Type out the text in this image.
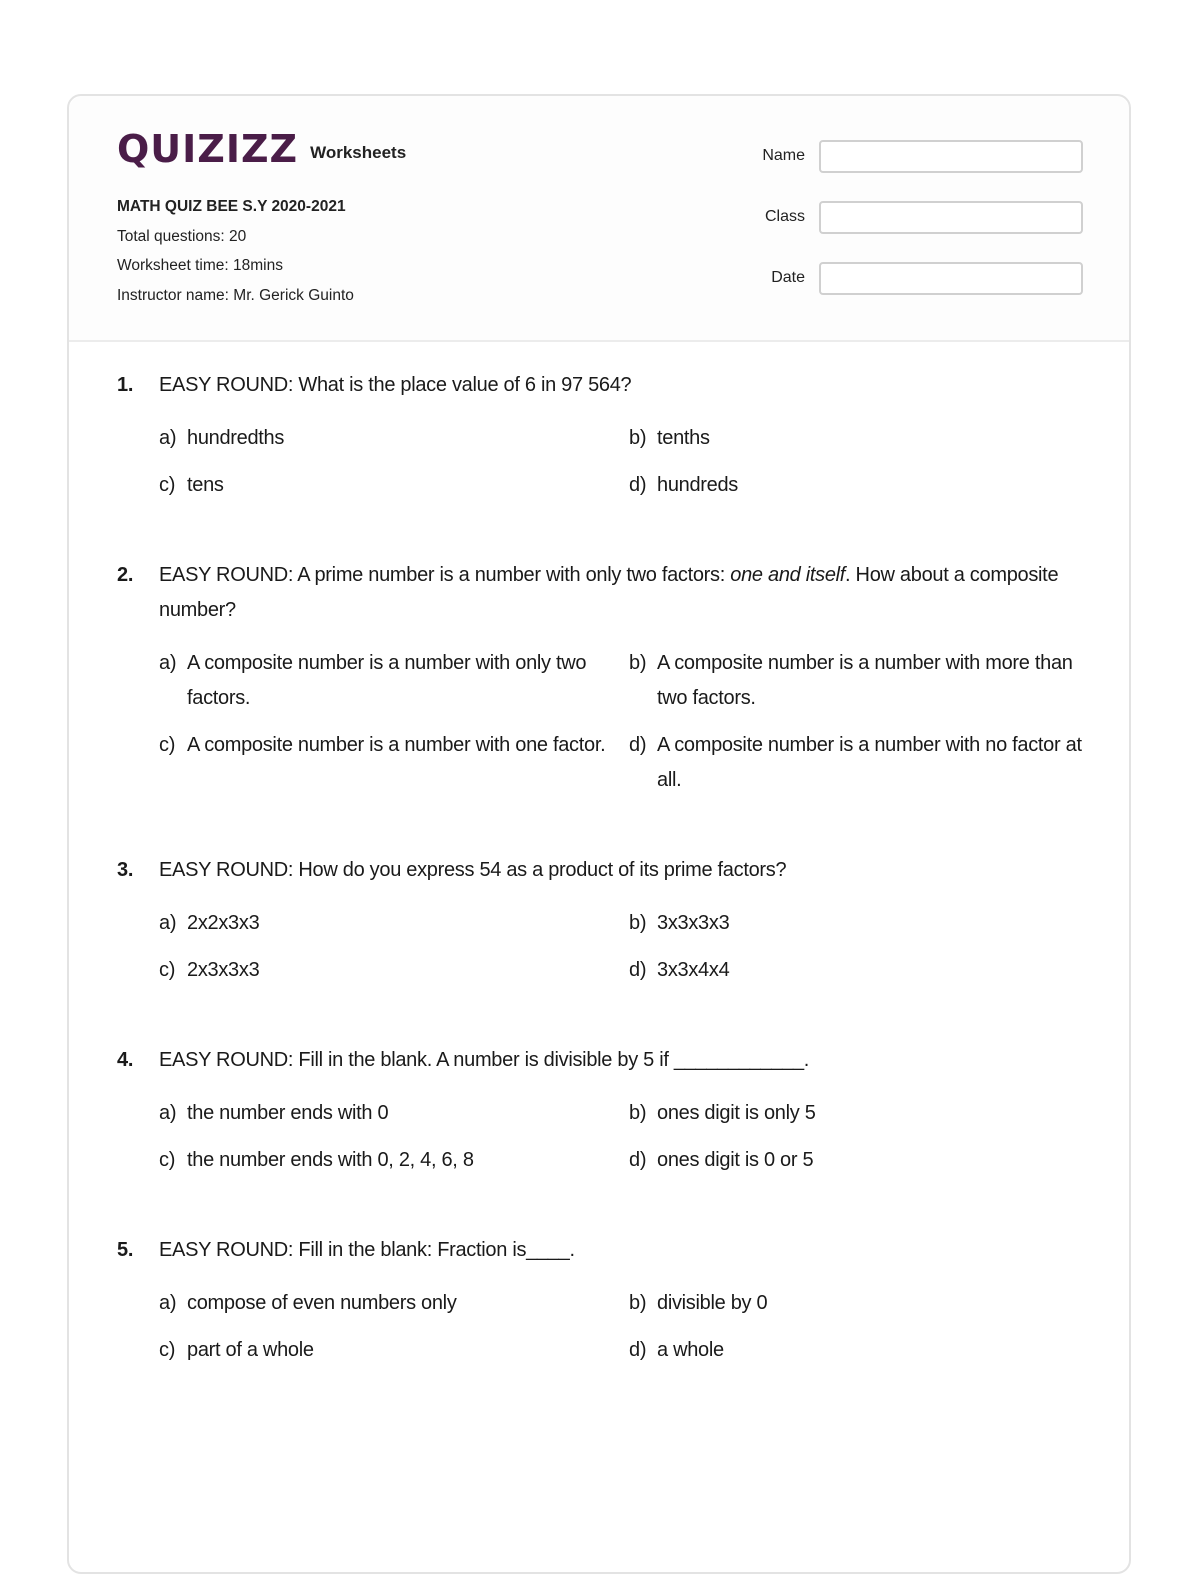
QUIZIZZ Worksheets
MATH QUIZ BEE S.Y 2020-2021
Total questions: 20
Worksheet time: 18mins
Instructor name: Mr. Gerick Guinto
Name
Class
Date
1.	EASY ROUND: What is the place value of 6 in 97 564?
a) hundredths	b) tenths
c) tens	d) hundreds
2.	EASY ROUND: A prime number is a number with only two factors: one and itself. How about a composite number?
a) A composite number is a number with only two factors.
b) A composite number is a number with more than two factors.
c) A composite number is a number with one factor.	d) A composite number is a number with no factor at all.
3.	EASY ROUND: How do you express 54 as a product of its prime factors?
a) 2x2x3x3	b) 3x3x3x3
c) 2x3x3x3	d) 3x3x4x4
4.	EASY ROUND: Fill in the blank. A number is divisible by 5 if ____________.
a) the number ends with 0	b) ones digit is only 5
c) the number ends with 0, 2, 4, 6, 8	d) ones digit is 0 or 5
5.	EASY ROUND: Fill in the blank: Fraction is____.
a) compose of even numbers only	b) divisible by 0
c) part of a whole	d) a whole
